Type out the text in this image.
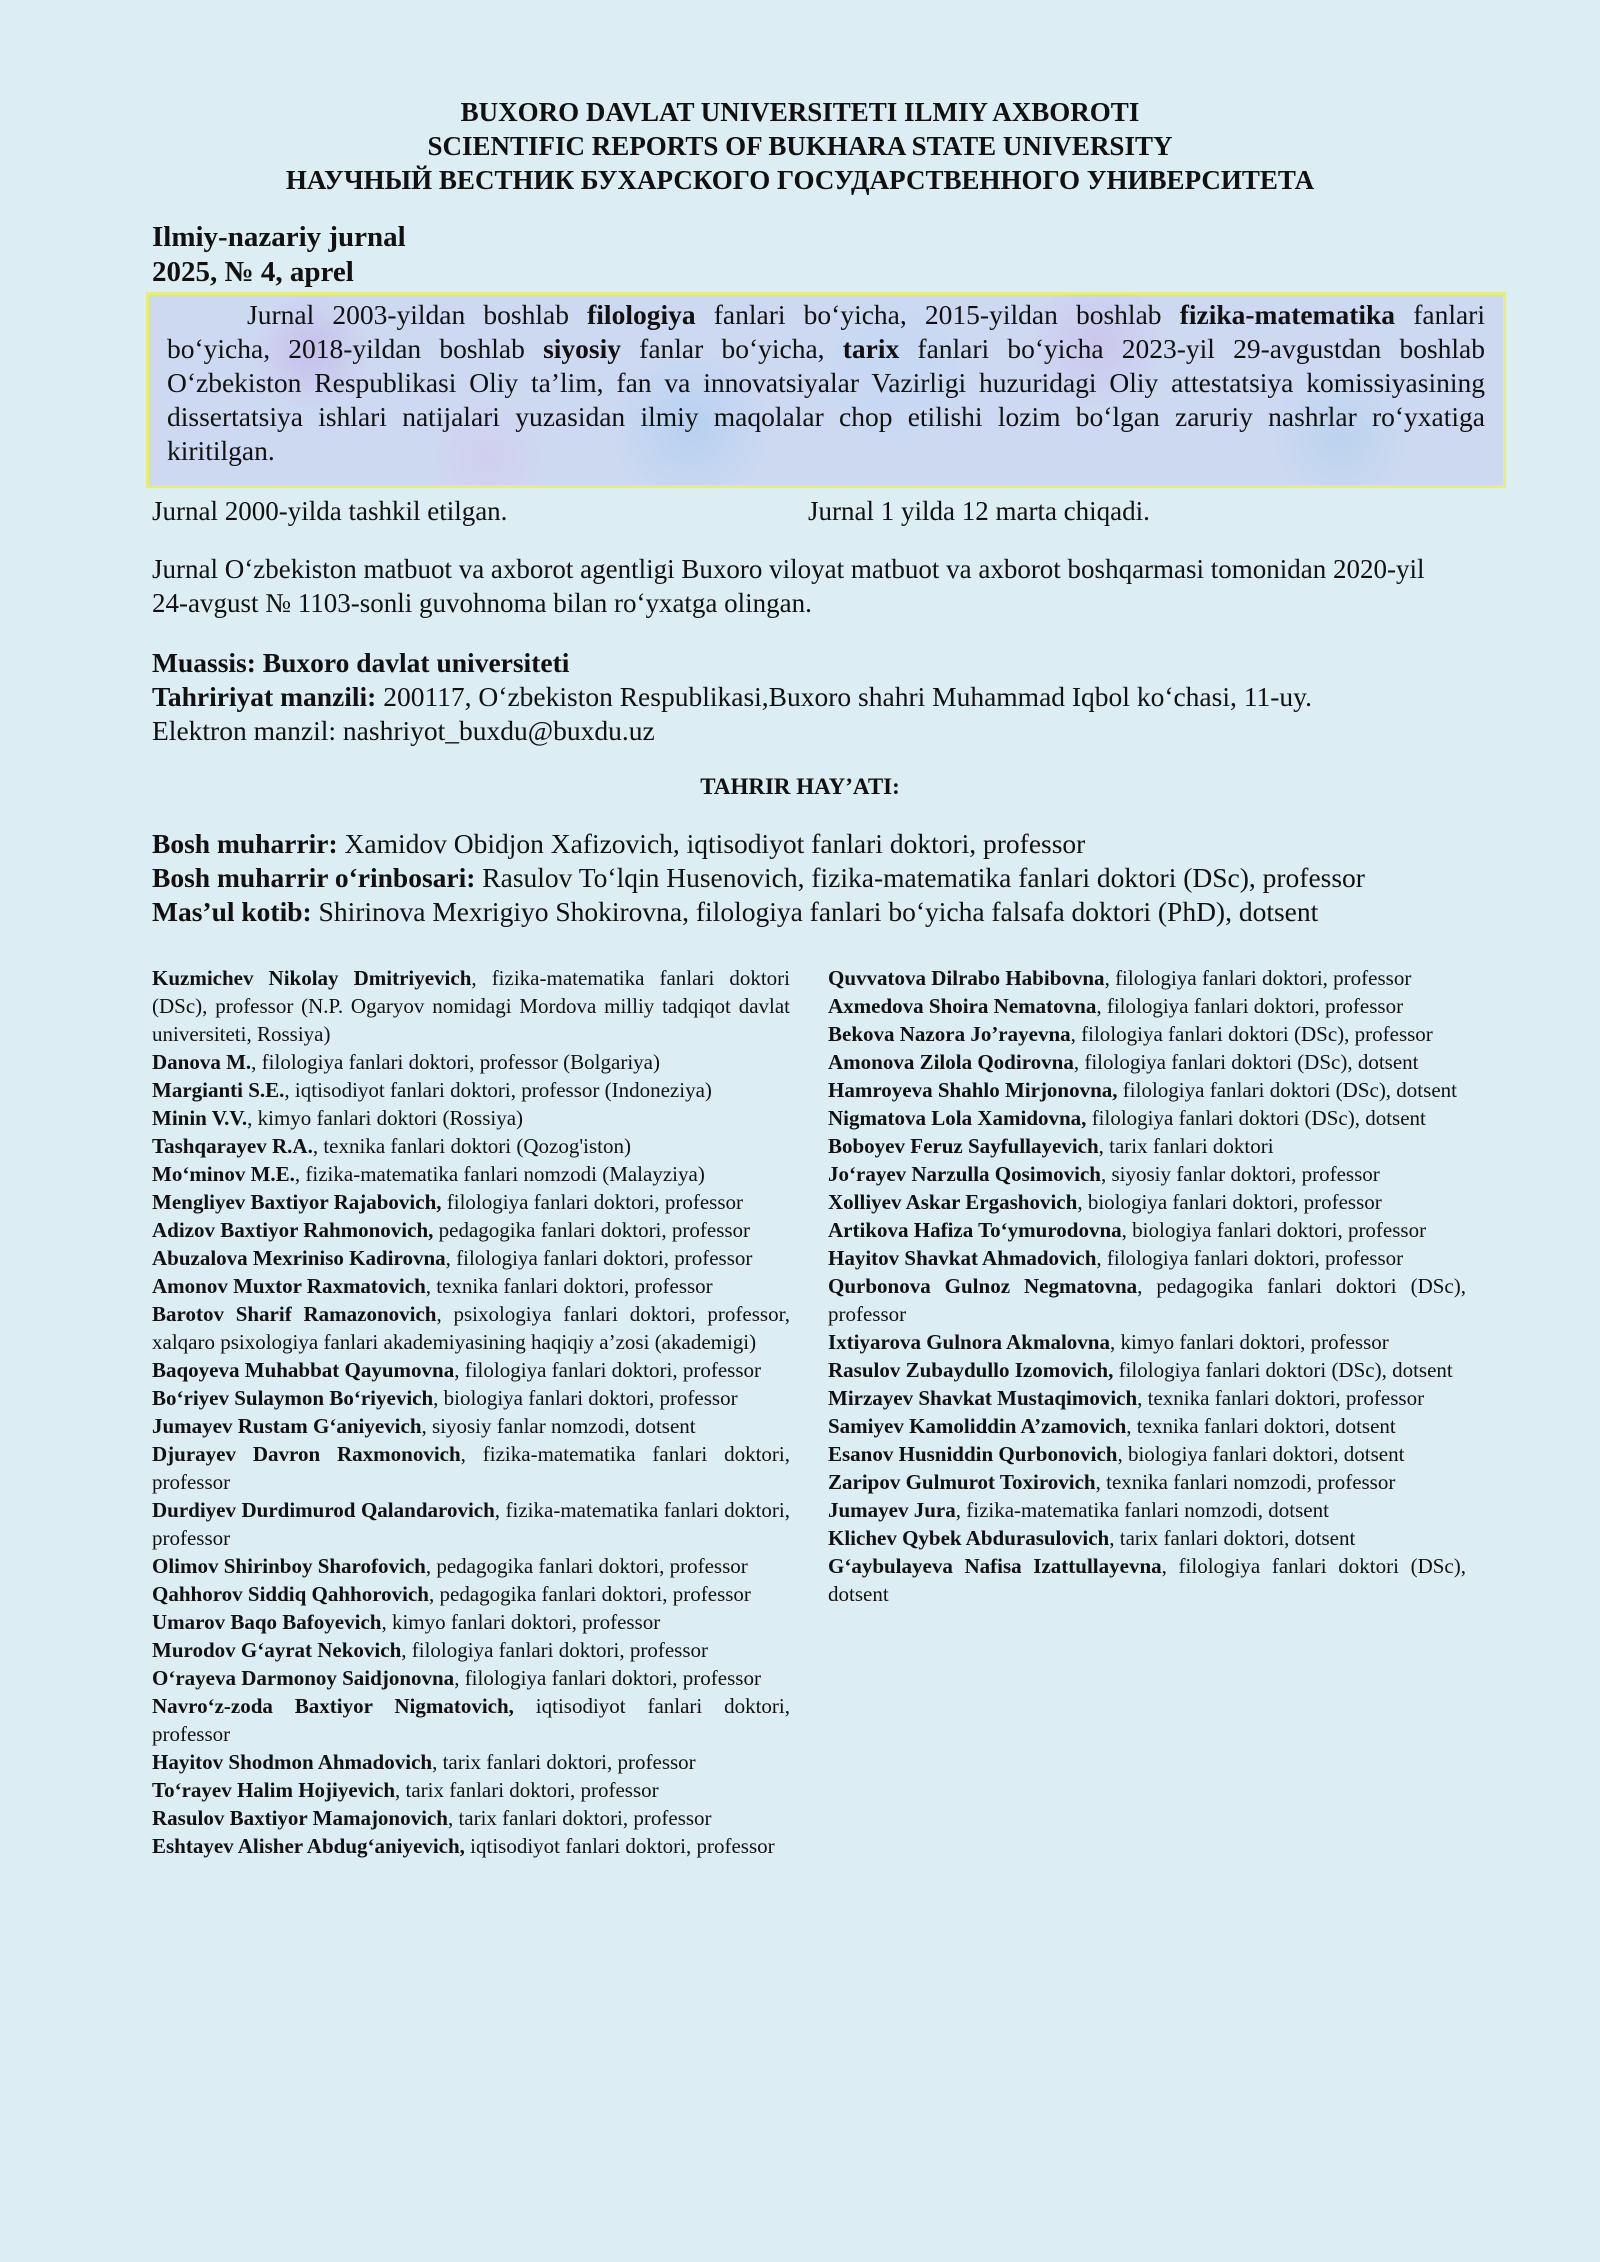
BUXORO DAVLAT UNIVERSITETI ILMIY AXBOROTI
SCIENTIFIC REPORTS OF BUKHARA STATE UNIVERSITY
НАУЧНЫЙ ВЕСТНИК БУХАРСКОГО ГОСУДАРСТВЕННОГО УНИВЕРСИТЕТА
Ilmiy-nazariy jurnal
2025, № 4, aprel

Jurnal 2003-yildan boshlab filologiya fanlari bo‘yicha, 2015-yildan boshlab fizika-matematika fanlari bo‘yicha, 2018-yildan boshlab siyosiy fanlar bo‘yicha, tarix fanlari bo‘yicha 2023-yil 29-avgustdan boshlab O‘zbekiston Respublikasi Oliy ta’lim, fan va innovatsiyalar Vazirligi huzuridagi Oliy attestatsiya komissiyasining dissertatsiya ishlari natijalari yuzasidan ilmiy maqolalar chop etilishi lozim bo‘lgan zaruriy nashrlar ro‘yxatiga kiritilgan.

Jurnal 2000-yilda tashkil etilgan.	Jurnal 1 yilda 12 marta chiqadi.
Jurnal O‘zbekiston matbuot va axborot agentligi Buxoro viloyat matbuot va axborot boshqarmasi tomonidan 2020-yil 24-avgust № 1103-sonli guvohnoma bilan ro‘yxatga olingan.
Muassis: Buxoro davlat universiteti
Tahririyat manzili: 200117, O‘zbekiston Respublikasi,Buxoro shahri Muhammad Iqbol ko‘chasi, 11-uy.
Elektron manzil: nashriyot_buxdu@buxdu.uz
TAHRIR HAY’ATI:
Bosh muharrir: Xamidov Obidjon Xafizovich, iqtisodiyot fanlari doktori, professor
Bosh muharrir o‘rinbosari: Rasulov To‘lqin Husenovich, fizika-matematika fanlari doktori (DSc), professor
Mas’ul kotib: Shirinova Mexrigiyo Shokirovna, filologiya fanlari bo‘yicha falsafa doktori (PhD), dotsent
Kuzmichev Nikolay Dmitriyevich, fizika-matematika fanlari doktori (DSc), professor (N.P. Ogaryov nomidagi Mordova milliy tadqiqot davlat universiteti, Rossiya)
Danova M., filologiya fanlari doktori, professor (Bolgariya)
Margianti S.E., iqtisodiyot fanlari doktori, professor (Indoneziya)
Minin V.V., kimyo fanlari doktori (Rossiya)
Tashqarayev R.A., texnika fanlari doktori (Qozog'iston)
Mo‘minov M.E., fizika-matematika fanlari nomzodi (Malayziya)
Mengliyev Baxtiyor Rajabovich, filologiya fanlari doktori, professor
Adizov Baxtiyor Rahmonovich, pedagogika fanlari doktori, professor
Abuzalova Mexriniso Kadirovna, filologiya fanlari doktori, professor
Amonov Muxtor Raxmatovich, texnika fanlari doktori, professor
Barotov Sharif Ramazonovich, psixologiya fanlari doktori, professor, xalqaro psixologiya fanlari akademiyasining haqiqiy a’zosi (akademigi)
Baqoyeva Muhabbat Qayumovna, filologiya fanlari doktori, professor
Bo‘riyev Sulaymon Bo‘riyevich, biologiya fanlari doktori, professor
Jumayev Rustam G‘aniyevich, siyosiy fanlar nomzodi, dotsent
Djurayev Davron Raxmonovich, fizika-matematika fanlari doktori, professor
Durdiyev Durdimurod Qalandarovich, fizika-matematika fanlari doktori, professor
Olimov Shirinboy Sharofovich, pedagogika fanlari doktori, professor
Qahhorov Siddiq Qahhorovich, pedagogika fanlari doktori, professor
Umarov Baqo Bafoyevich, kimyo fanlari doktori, professor
Murodov G‘ayrat Nekovich, filologiya fanlari doktori, professor
O‘rayeva Darmonoy Saidjonovna, filologiya fanlari doktori, professor
Navro‘z-zoda Baxtiyor Nigmatovich, iqtisodiyot fanlari doktori, professor
Hayitov Shodmon Ahmadovich, tarix fanlari doktori, professor
To‘rayev Halim Hojiyevich, tarix fanlari doktori, professor
Rasulov Baxtiyor Mamajonovich, tarix fanlari doktori, professor
Eshtayev Alisher Abdug‘aniyevich, iqtisodiyot fanlari doktori, professor
Quvvatova Dilrabo Habibovna, filologiya fanlari doktori, professor
Axmedova Shoira Nematovna, filologiya fanlari doktori, professor
Bekova Nazora Jo’rayevna, filologiya fanlari doktori (DSc), professor
Amonova Zilola Qodirovna, filologiya fanlari doktori (DSc), dotsent
Hamroyeva Shahlo Mirjonovna, filologiya fanlari doktori (DSc), dotsent
Nigmatova Lola Xamidovna, filologiya fanlari doktori (DSc), dotsent
Boboyev Feruz Sayfullayevich, tarix fanlari doktori
Jo‘rayev Narzulla Qosimovich, siyosiy fanlar doktori, professor
Xolliyev Askar Ergashovich, biologiya fanlari doktori, professor
Artikova Hafiza To‘ymurodovna, biologiya fanlari doktori, professor
Hayitov Shavkat Ahmadovich, filologiya fanlari doktori, professor
Qurbonova Gulnoz Negmatovna, pedagogika fanlari doktori (DSc), professor
Ixtiyarova Gulnora Akmalovna, kimyo fanlari doktori, professor
Rasulov Zubaydullo Izomovich, filologiya fanlari doktori (DSc), dotsent
Mirzayev Shavkat Mustaqimovich, texnika fanlari doktori, professor
Samiyev Kamoliddin A’zamovich, texnika fanlari doktori, dotsent
Esanov Husniddin Qurbonovich, biologiya fanlari doktori, dotsent
Zaripov Gulmurot Toxirovich, texnika fanlari nomzodi, professor
Jumayev Jura, fizika-matematika fanlari nomzodi, dotsent
Klichev Qybek Abdurasulovich, tarix fanlari doktori, dotsent
G‘aybulayeva Nafisa Izattullayevna, filologiya fanlari doktori (DSc), dotsent
